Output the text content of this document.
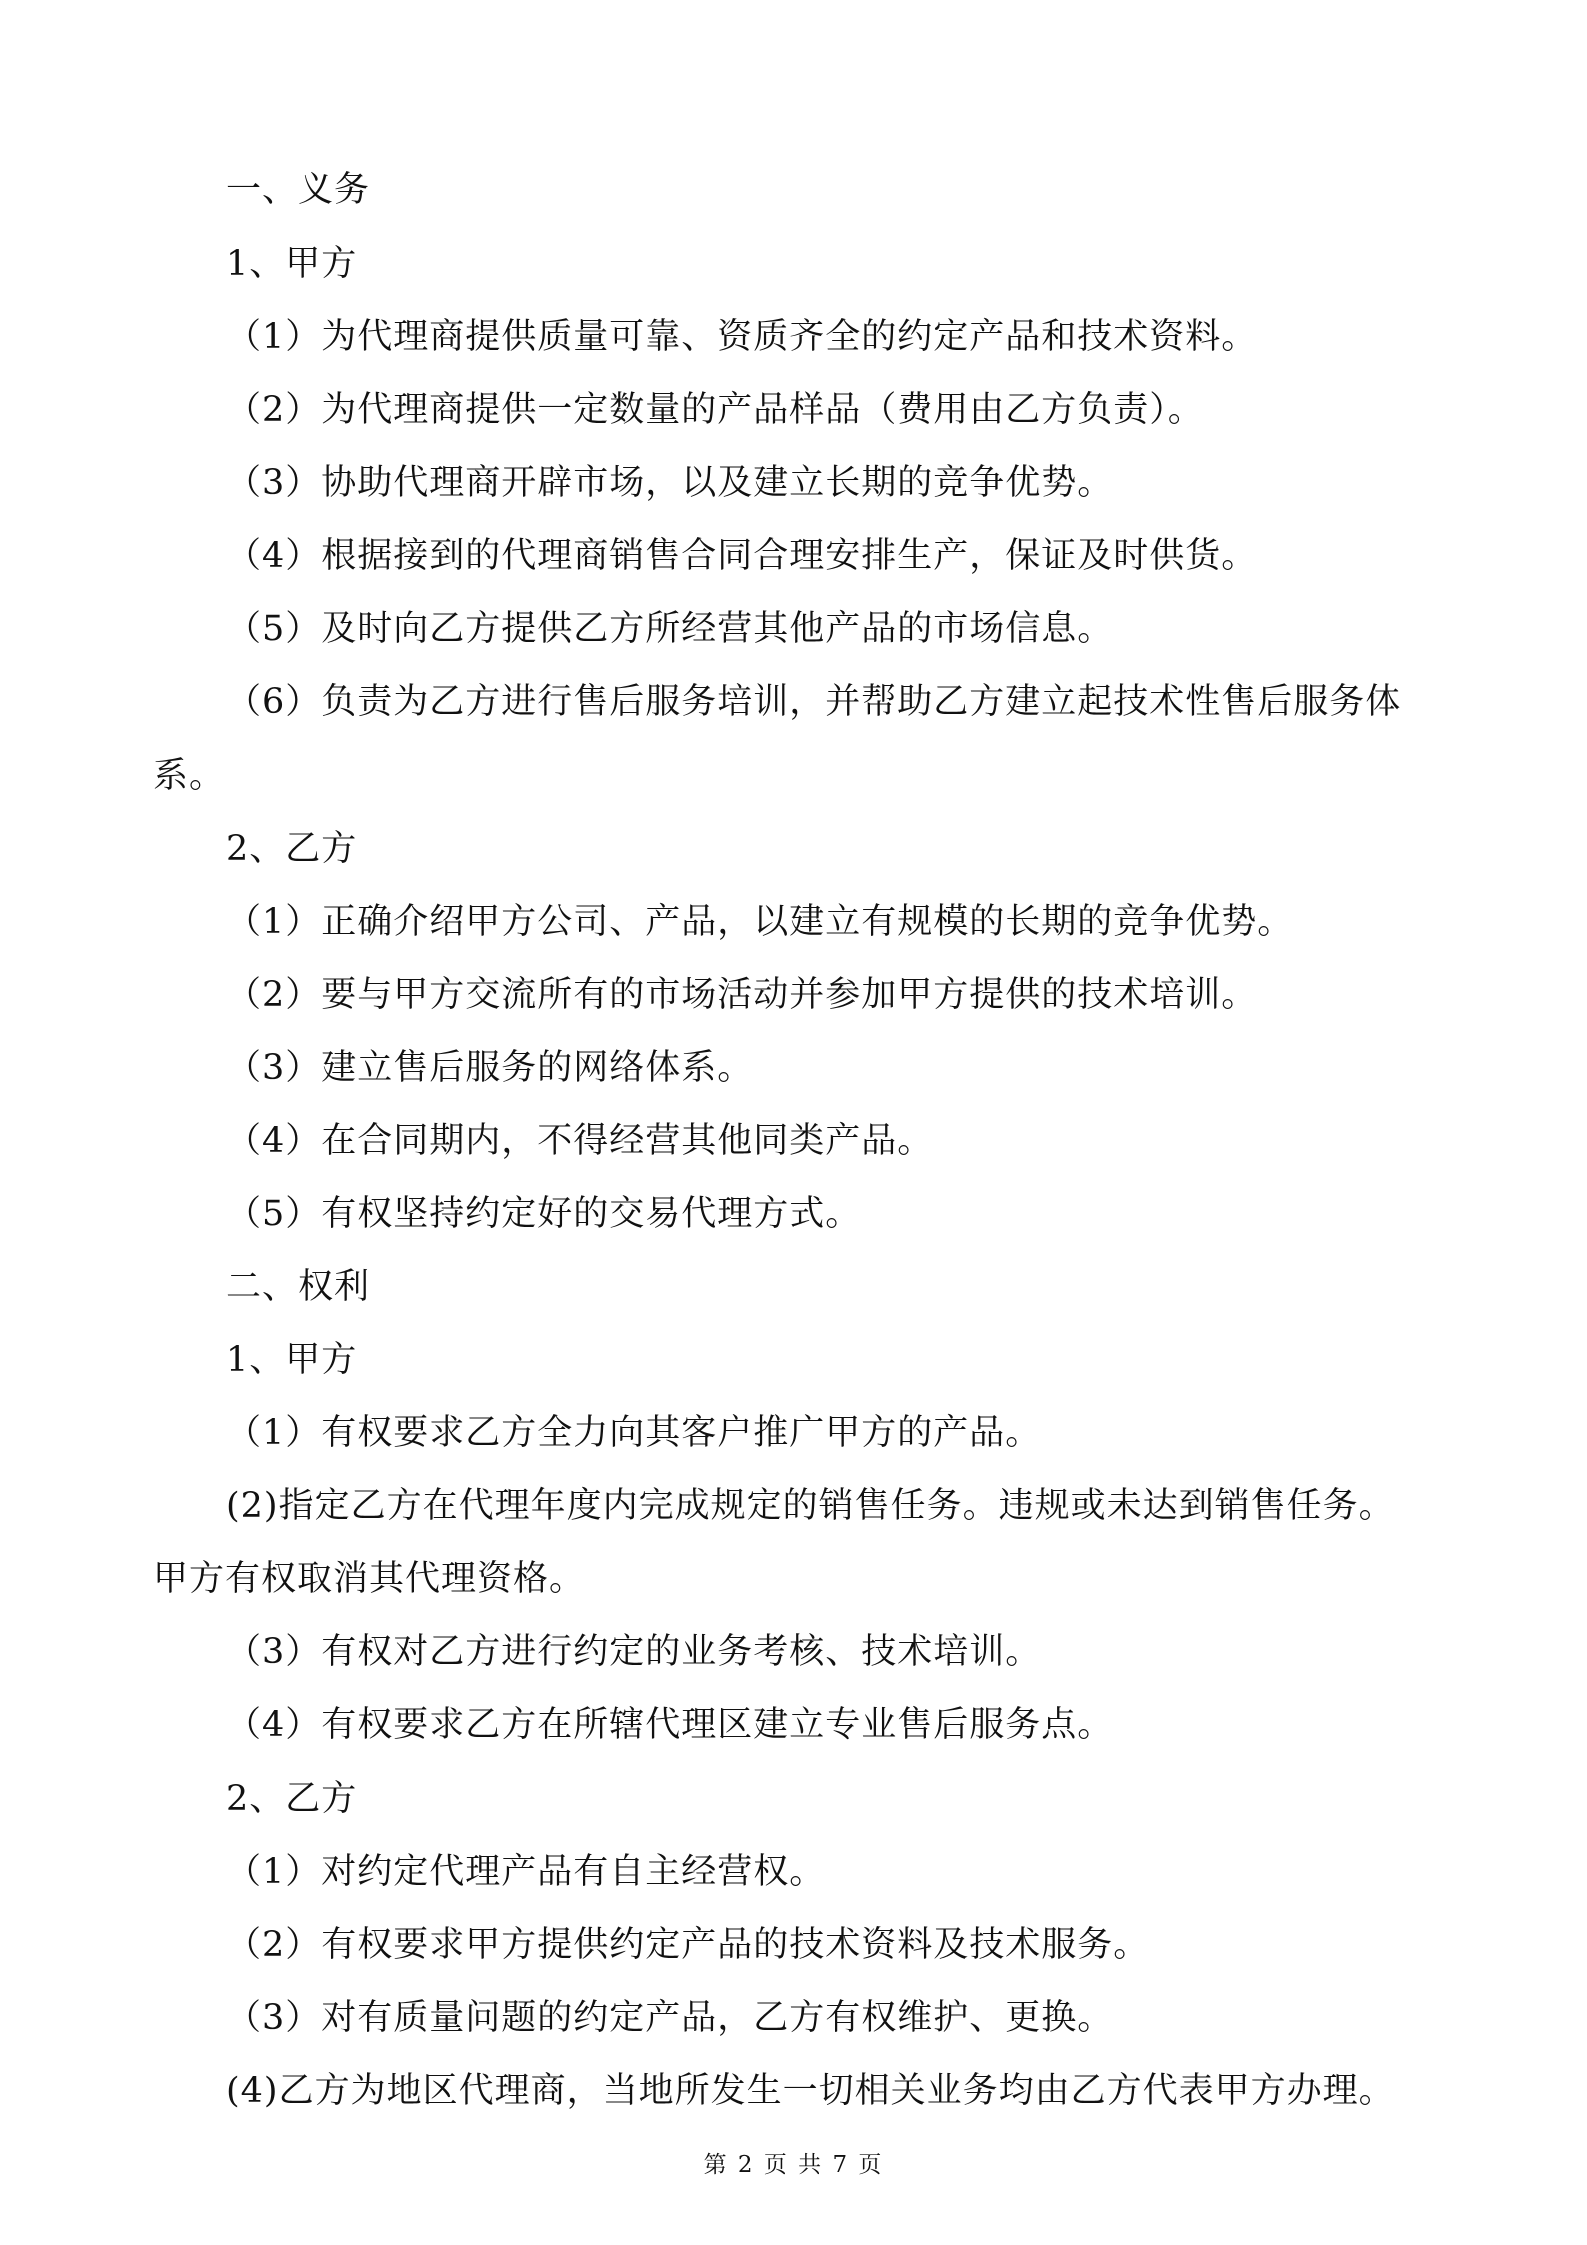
一、义务
1、甲方
（1）为代理商提供质量可靠、资质齐全的约定产品和技术资料。
（2）为代理商提供一定数量的产品样品（费用由乙方负责）。
（3）协助代理商开辟市场，以及建立长期的竞争优势。
（4）根据接到的代理商销售合同合理安排生产，保证及时供货。
（5）及时向乙方提供乙方所经营其他产品的市场信息。
（6）负责为乙方进行售后服务培训，并帮助乙方建立起技术性售后服务体
系。
2、乙方
（1）正确介绍甲方公司、产品，以建立有规模的长期的竞争优势。
（2）要与甲方交流所有的市场活动并参加甲方提供的技术培训。
（3）建立售后服务的网络体系。
（4）在合同期内，不得经营其他同类产品。
（5）有权坚持约定好的交易代理方式。
二、权利
1、甲方
（1）有权要求乙方全力向其客户推广甲方的产品。
(2)指定乙方在代理年度内完成规定的销售任务。违规或未达到销售任务。
甲方有权取消其代理资格。
（3）有权对乙方进行约定的业务考核、技术培训。
（4）有权要求乙方在所辖代理区建立专业售后服务点。
2、乙方
（1）对约定代理产品有自主经营权。
（2）有权要求甲方提供约定产品的技术资料及技术服务。
（3）对有质量问题的约定产品，乙方有权维护、更换。
(4)乙方为地区代理商，当地所发生一切相关业务均由乙方代表甲方办理。
第 2 页 共 7 页
